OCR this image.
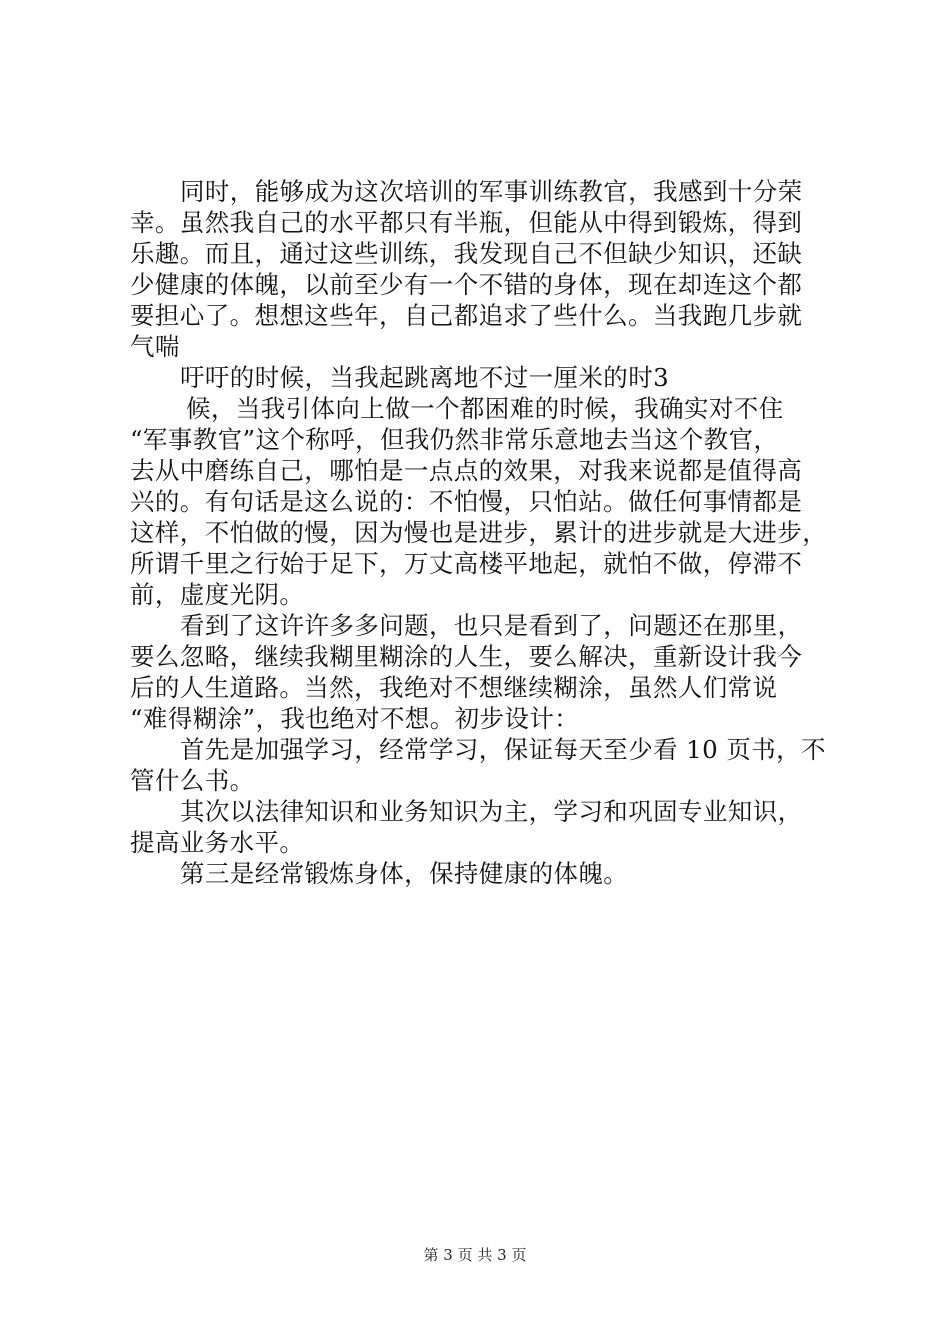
同时，能够成为这次培训的军事训练教官，我感到十分荣
幸。虽然我自己的水平都只有半瓶，但能从中得到锻炼，得到
乐趣。而且，通过这些训练，我发现自己不但缺少知识，还缺
少健康的体魄，以前至少有一个不错的身体，现在却连这个都
要担心了。想想这些年，自己都追求了些什么。当我跑几步就
气喘
吁吁的时候，当我起跳离地不过一厘米的时3
候，当我引体向上做一个都困难的时候，我确实对不住
“军事教官”这个称呼，但我仍然非常乐意地去当这个教官，
去从中磨练自己，哪怕是一点点的效果，对我来说都是值得高
兴的。有句话是这么说的：不怕慢，只怕站。做任何事情都是
这样，不怕做的慢，因为慢也是进步，累计的进步就是大进步，
所谓千里之行始于足下，万丈高楼平地起，就怕不做，停滞不
前，虚度光阴。
看到了这许许多多问题，也只是看到了，问题还在那里，
要么忽略，继续我糊里糊涂的人生，要么解决，重新设计我今
后的人生道路。当然，我绝对不想继续糊涂，虽然人们常说
“难得糊涂”，我也绝对不想。初步设计：
首先是加强学习，经常学习，保证每天至少看 10 页书，不
管什么书。
其次以法律知识和业务知识为主，学习和巩固专业知识，
提高业务水平。
第三是经常锻炼身体，保持健康的体魄。
第 3 页 共 3 页
